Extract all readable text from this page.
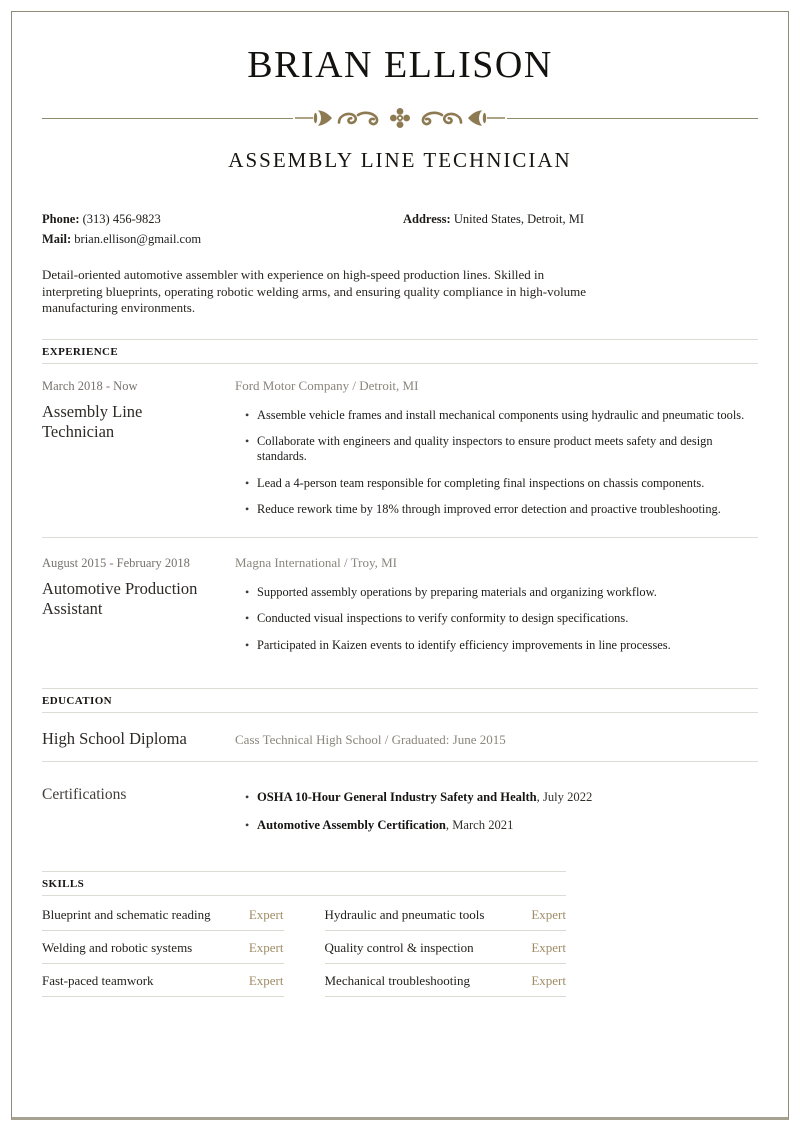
BRIAN ELLISON
ASSEMBLY LINE TECHNICIAN
Phone: (313) 456-9823
Mail: brian.ellison@gmail.com
Address: United States, Detroit, MI

Detail-oriented automotive assembler with experience on high-speed production lines. Skilled in interpreting blueprints, operating robotic welding arms, and ensuring quality compliance in high-volume manufacturing environments.

EXPERIENCE
March 2018 - Now
Assembly Line Technician
Ford Motor Company / Detroit, MI
• Assemble vehicle frames and install mechanical components using hydraulic and pneumatic tools.
• Collaborate with engineers and quality inspectors to ensure product meets safety and design standards.
• Lead a 4-person team responsible for completing final inspections on chassis components.
• Reduce rework time by 18% through improved error detection and proactive troubleshooting.
August 2015 - February 2018
Automotive Production Assistant
Magna International / Troy, MI
• Supported assembly operations by preparing materials and organizing workflow.
• Conducted visual inspections to verify conformity to design specifications.
• Participated in Kaizen events to identify efficiency improvements in line processes.
EDUCATION
High School Diploma	Cass Technical High School / Graduated: June 2015
Certifications	• OSHA 10-Hour General Industry Safety and Health, July 2022
• Automotive Assembly Certification, March 2021
SKILLS
Blueprint and schematic reading	Expert	Hydraulic and pneumatic tools	Expert
Welding and robotic systems	Expert	Quality control & inspection	Expert
Fast-paced teamwork	Expert	Mechanical troubleshooting	Expert
